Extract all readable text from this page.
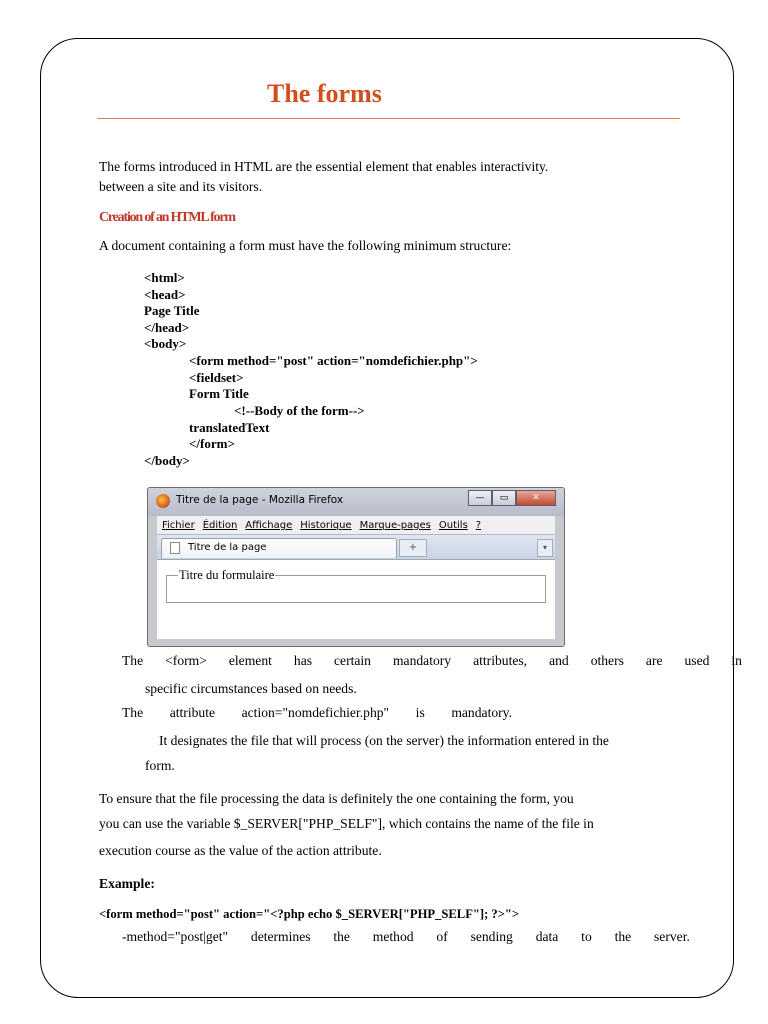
The forms
The forms introduced in HTML are the essential element that enables interactivity.
between a site and its visitors.
Creation of an HTML form
A document containing a form must have the following minimum structure:
<html>
<head>
Page Title
</head>
<body>
<form method="post" action="nomdefichier.php">
<fieldset>
Form Title
<!--Body of the form-->
translatedText
</form>
</body>
Titre de la page - Mozilla Firefox	—	▭	✕
Fichier Édition Affichage Historique Marque-pages Outils ?
Titre de la page	+	▾
Titre du formulaire
The <form> element has certain mandatory attributes, and others are used in
specific circumstances based on needs.
The attribute action="nomdefichier.php" is mandatory.
  It designates the file that will process (on the server) the information entered in the
form.
To ensure that the file processing the data is definitely the one containing the form, you
you can use the variable $_SERVER["PHP_SELF"], which contains the name of the file in
execution course as the value of the action attribute.
Example:
<form method="post" action="<?php echo $_SERVER["PHP_SELF"]; ?>">
-method="post|get" determines the method of sending data to the server.
